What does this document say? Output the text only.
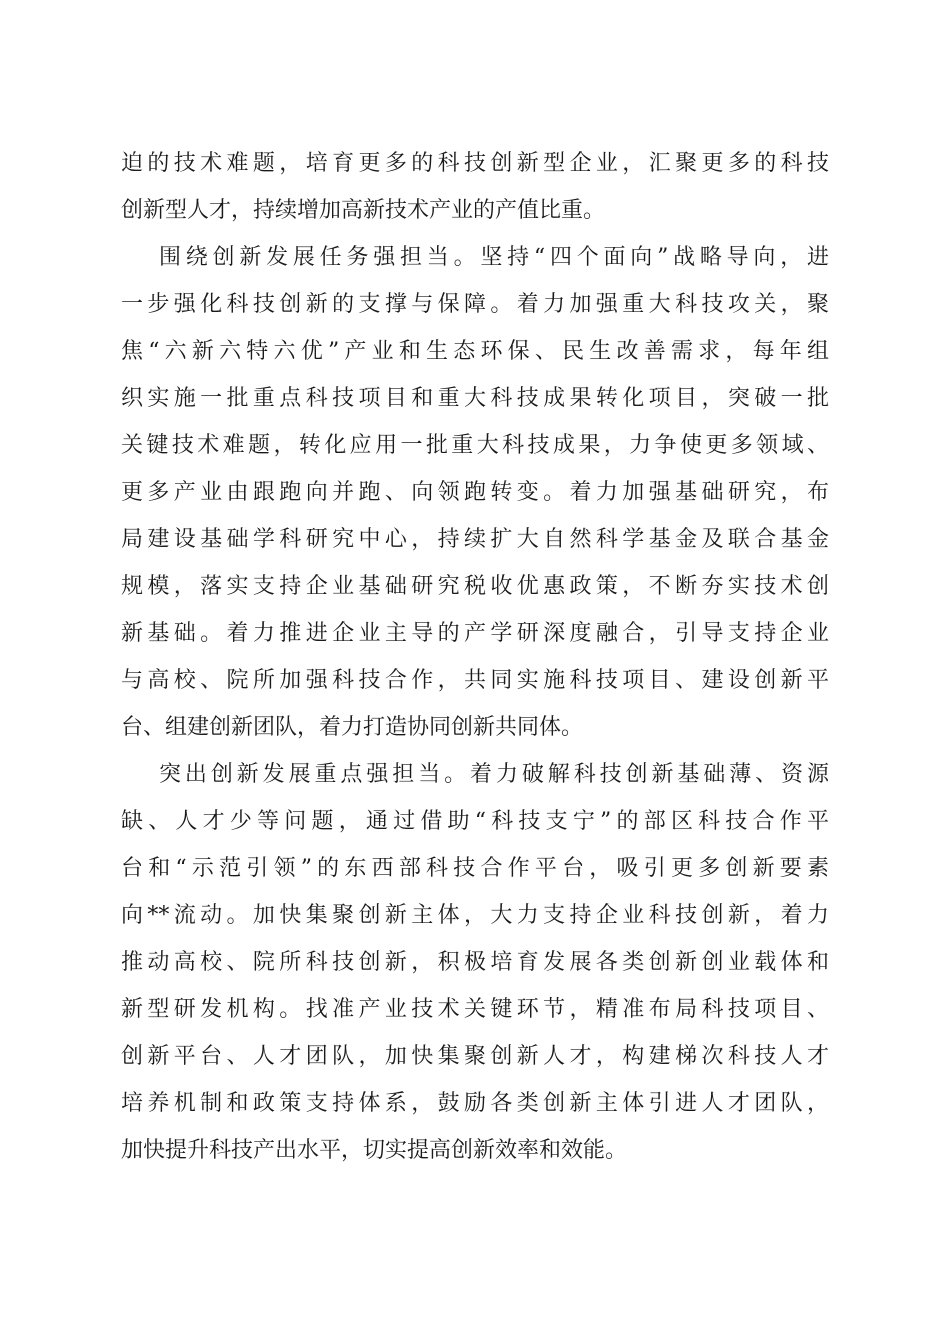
迫的技术难题，培育更多的科技创新型企业，汇聚更多的科技
创新型人才，持续增加高新技术产业的产值比重。
围绕创新发展任务强担当。坚持“四个面向”战略导向，进
一步强化科技创新的支撑与保障。着力加强重大科技攻关，聚
焦“六新六特六优”产业和生态环保、民生改善需求，每年组
织实施一批重点科技项目和重大科技成果转化项目，突破一批
关键技术难题，转化应用一批重大科技成果，力争使更多领域、
更多产业由跟跑向并跑、向领跑转变。着力加强基础研究，布
局建设基础学科研究中心，持续扩大自然科学基金及联合基金
规模，落实支持企业基础研究税收优惠政策，不断夯实技术创
新基础。着力推进企业主导的产学研深度融合，引导支持企业
与高校、院所加强科技合作，共同实施科技项目、建设创新平
台、组建创新团队，着力打造协同创新共同体。
突出创新发展重点强担当。着力破解科技创新基础薄、资源
缺、人才少等问题，通过借助“科技支宁”的部区科技合作平
台和“示范引领”的东西部科技合作平台，吸引更多创新要素
向**流动。加快集聚创新主体，大力支持企业科技创新，着力
推动高校、院所科技创新，积极培育发展各类创新创业载体和
新型研发机构。找准产业技术关键环节，精准布局科技项目、
创新平台、人才团队，加快集聚创新人才，构建梯次科技人才
培养机制和政策支持体系，鼓励各类创新主体引进人才团队，
加快提升科技产出水平，切实提高创新效率和效能。
